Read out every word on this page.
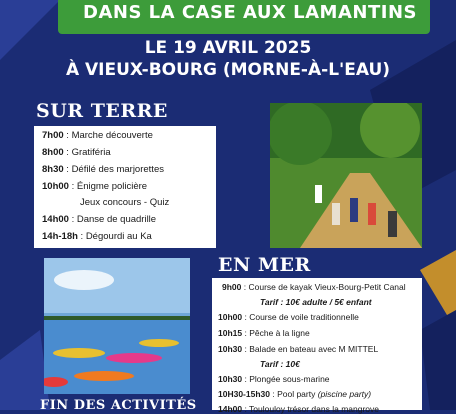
DANS LA CASE AUX LAMANTINS
LE 19 AVRIL 2025
À VIEUX-BOURG (MORNE-À-L'EAU)
SUR TERRE
7h00 : Marche découverte
8h00 : Gratiféria
8h30 : Défilé des marjorettes
10h00 : Énigme policière
Jeux concours - Quiz
14h00 : Danse de quadrille
14h-18h : Dégourdi au Ka
EN MER
9h00 : Course de kayak Vieux-Bourg-Petit Canal
Tarif : 10€ adulte / 5€ enfant
10h00 : Course de voile traditionnelle
10h15 : Pêche à la ligne
10h30 : Balade en bateau avec M MITTEL
Tarif : 10€
10h30 : Plongée sous-marine
10H30-15h30 : Pool party (piscine party)
14h00 : Toulouloy trésor dans la mangrove
FIN DES ACTIVITÉS
